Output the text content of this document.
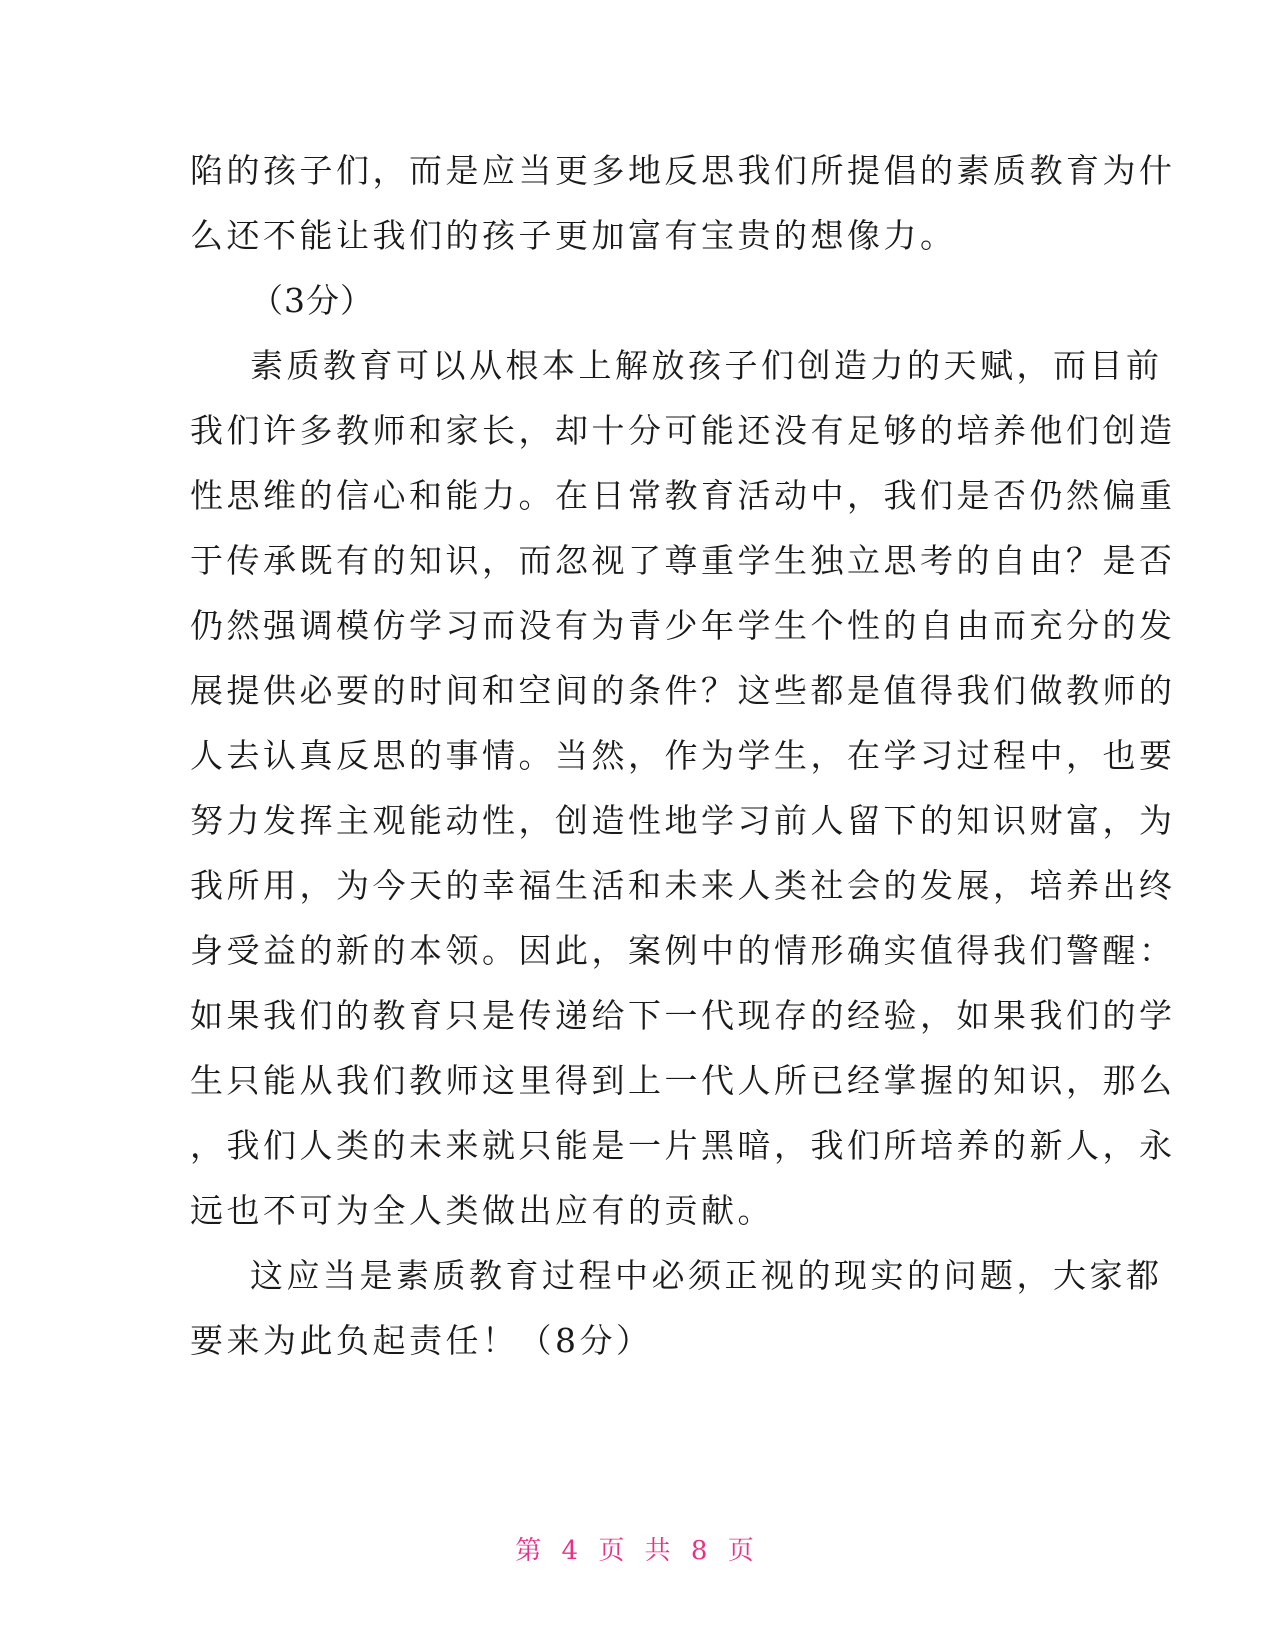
陷的孩子们，而是应当更多地反思我们所提倡的素质教育为什
么还不能让我们的孩子更加富有宝贵的想像力。
（3分）
素质教育可以从根本上解放孩子们创造力的天赋，而目前
我们许多教师和家长，却十分可能还没有足够的培养他们创造
性思维的信心和能力。在日常教育活动中，我们是否仍然偏重
于传承既有的知识，而忽视了尊重学生独立思考的自由？是否
仍然强调模仿学习而没有为青少年学生个性的自由而充分的发
展提供必要的时间和空间的条件？这些都是值得我们做教师的
人去认真反思的事情。当然，作为学生，在学习过程中，也要
努力发挥主观能动性，创造性地学习前人留下的知识财富，为
我所用，为今天的幸福生活和未来人类社会的发展，培养出终
身受益的新的本领。因此，案例中的情形确实值得我们警醒：
如果我们的教育只是传递给下一代现存的经验，如果我们的学
生只能从我们教师这里得到上一代人所已经掌握的知识，那么
，我们人类的未来就只能是一片黑暗，我们所培养的新人，永
远也不可为全人类做出应有的贡献。
这应当是素质教育过程中必须正视的现实的问题，大家都
要来为此负起责任！（8分）
第 4 页 共 8 页
